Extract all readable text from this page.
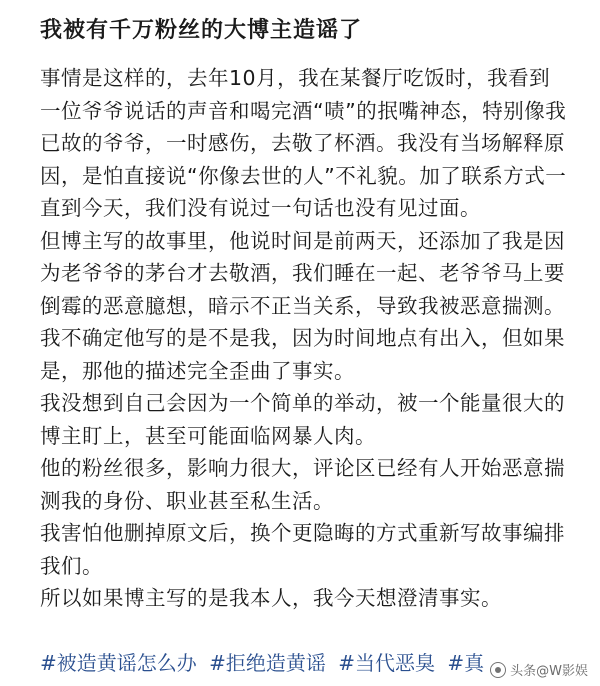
我被有千万粉丝的大博主造谣了

事情是这样的，去年10月，我在某餐厅吃饭时，我看到一位爷爷说话的声音和喝完酒“啧”的抿嘴神态，特别像我已故的爷爷，一时感伤，去敬了杯酒。我没有当场解释原因，是怕直接说“你像去世的人”不礼貌。加了联系方式一直到今天，我们没有说过一句话也没有见过面。

但博主写的故事里，他说时间是前两天，还添加了我是因为老爷爷的茅台才去敬酒，我们睡在一起、老爷爷马上要倒霉的恶意臆想，暗示不正当关系，导致我被恶意揣测。

我不确定他写的是不是我，因为时间地点有出入，但如果是，那他的描述完全歪曲了事实。

我没想到自己会因为一个简单的举动，被一个能量很大的博主盯上，甚至可能面临网暴人肉。

他的粉丝很多，影响力很大，评论区已经有人开始恶意揣测我的身份、职业甚至私生活。

我害怕他删掉原文后，换个更隐晦的方式重新写故事编排我们。

所以如果博主写的是我本人，我今天想澄清事实。

#被造黄谣怎么办 #拒绝造黄谣 #当代恶臭 #真	头条@W影娱
